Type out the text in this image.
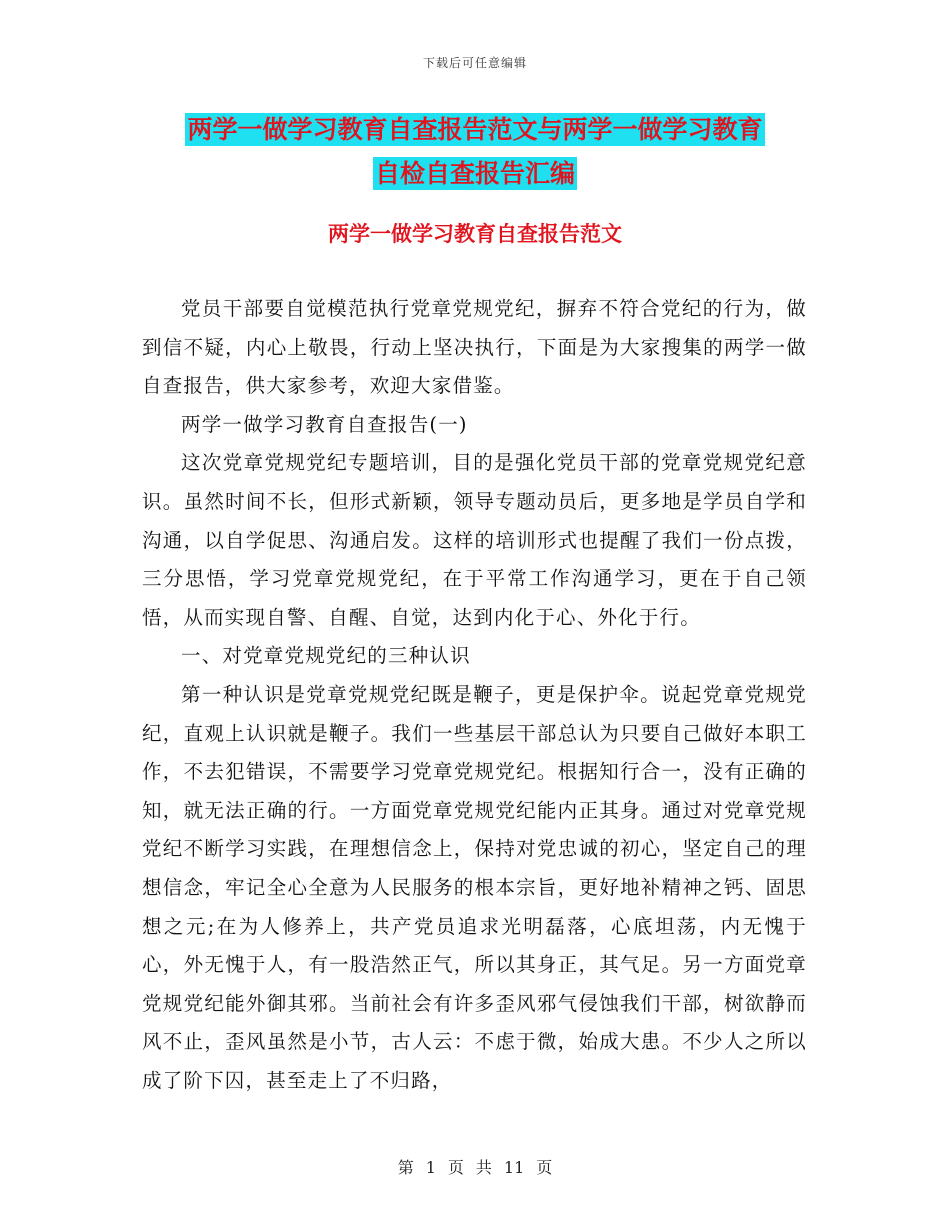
下载后可任意编辑
两学一做学习教育自查报告范文与两学一做学习教育
自检自查报告汇编
两学一做学习教育自查报告范文

党员干部要自觉模范执行党章党规党纪，摒弃不符合党纪的行为，做到信不疑，内心上敬畏，行动上坚决执行，下面是为大家搜集的两学一做自查报告，供大家参考，欢迎大家借鉴。

两学一做学习教育自查报告(一)

这次党章党规党纪专题培训，目的是强化党员干部的党章党规党纪意识。虽然时间不长，但形式新颖，领导专题动员后，更多地是学员自学和沟通，以自学促思、沟通启发。这样的培训形式也提醒了我们一份点拨，三分思悟，学习党章党规党纪，在于平常工作沟通学习，更在于自己领悟，从而实现自警、自醒、自觉，达到内化于心、外化于行。

一、对党章党规党纪的三种认识

第一种认识是党章党规党纪既是鞭子，更是保护伞。说起党章党规党纪，直观上认识就是鞭子。我们一些基层干部总认为只要自己做好本职工作，不去犯错误，不需要学习党章党规党纪。根据知行合一，没有正确的知，就无法正确的行。一方面党章党规党纪能内正其身。通过对党章党规党纪不断学习实践，在理想信念上，保持对党忠诚的初心，坚定自己的理想信念，牢记全心全意为人民服务的根本宗旨，更好地补精神之钙、固思想之元;在为人修养上，共产党员追求光明磊落，心底坦荡，内无愧于心，外无愧于人，有一股浩然正气，所以其身正，其气足。另一方面党章党规党纪能外御其邪。当前社会有许多歪风邪气侵蚀我们干部，树欲静而风不止，歪风虽然是小节，古人云：不虑于微，始成大患。不少人之所以成了阶下囚，甚至走上了不归路，

第 1 页 共 11 页
